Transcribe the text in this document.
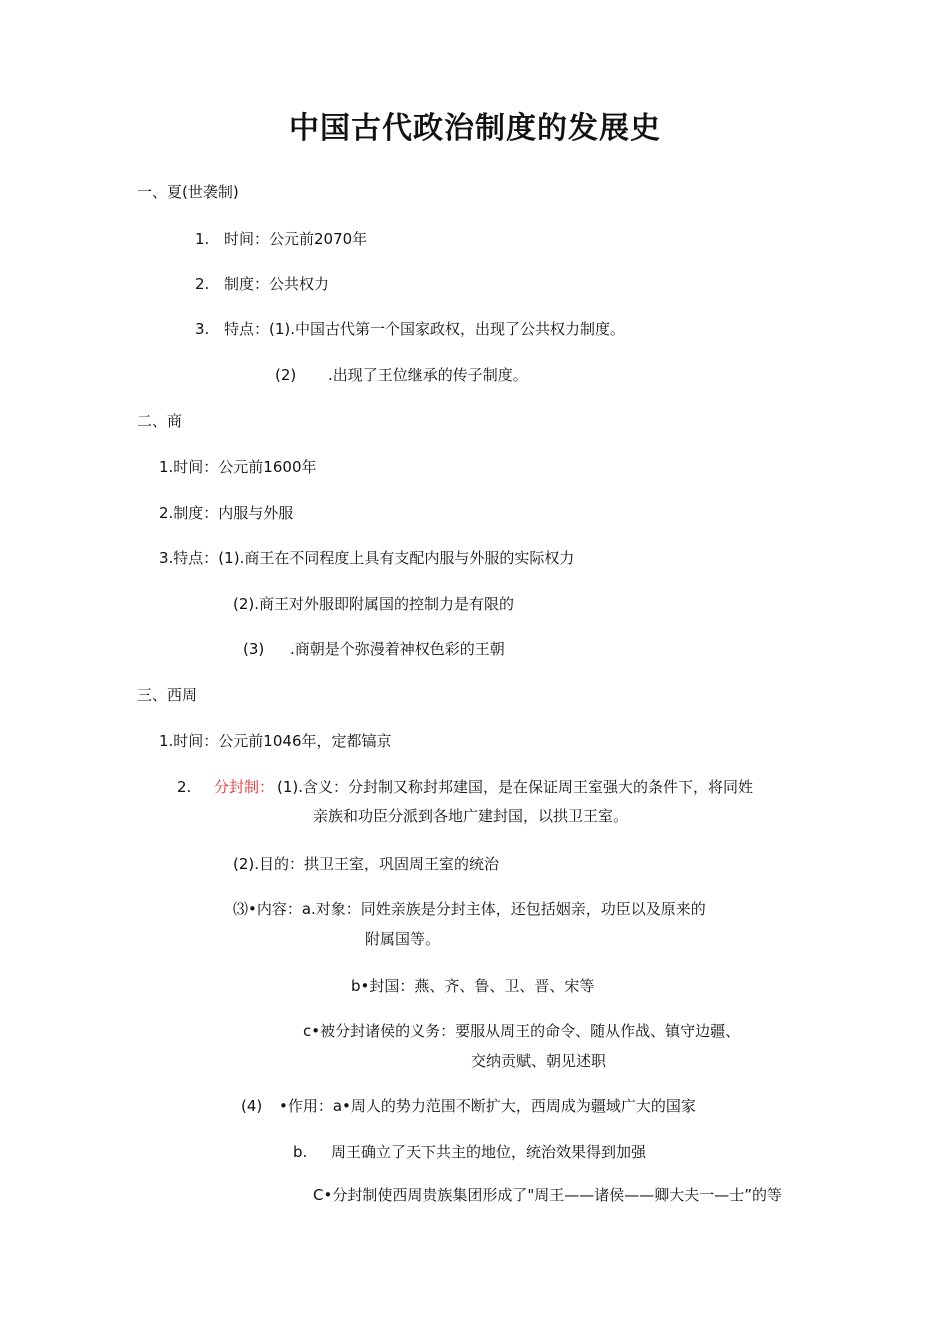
中国古代政治制度的发展史
一、夏(世袭制)
1. 时间：公元前2070年
2. 制度：公共权力
3. 特点：(1).中国古代第一个国家政权，出现了公共权力制度。
(2) .出现了王位继承的传子制度。
二、商
1.时间：公元前1600年
2.制度：内服与外服
3.特点：(1).商王在不同程度上具有支配内服与外服的实际权力
(2).商王对外服即附属国的控制力是有限的
(3) .商朝是个弥漫着神权色彩的王朝
三、西周
1.时间：公元前1046年，定都镐京
2. 分封制： (1).含义：分封制又称封邦建国，是在保证周王室强大的条件下，将同姓
亲族和功臣分派到各地广建封国，以拱卫王室。
(2).目的：拱卫王室，巩固周王室的统治
⑶•内容：a.对象：同姓亲族是分封主体，还包括姻亲，功臣以及原来的
附属国等。
b•封国：燕、齐、鲁、卫、晋、宋等
c•被分封诸侯的义务：要服从周王的命令、随从作战、镇守边疆、
交纳贡赋、朝见述职
(4) •作用：a•周人的势力范围不断扩大，西周成为疆域广大的国家
b. 周王确立了天下共主的地位，统治效果得到加强
C•分封制使西周贵族集团形成了"周王——诸侯——卿大夫一—士”的等
